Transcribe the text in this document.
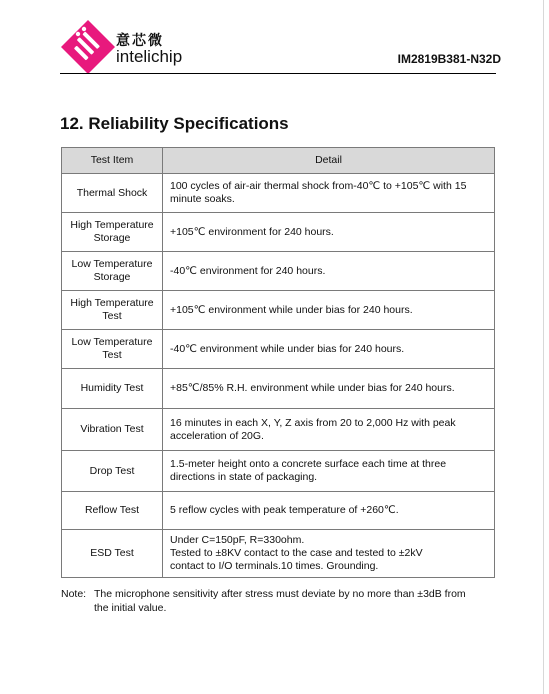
意芯微
intelichip	IM2819B381-N32D
12. Reliability Specifications
Test Item	Detail

Thermal Shock	100 cycles of air-air thermal shock from-40℃ to +105℃ with 15
minute soaks.

High Temperature
Storage	+105℃ environment for 240 hours.

Low Temperature
Storage	-40℃ environment for 240 hours.

High Temperature
Test	+105℃ environment while under bias for 240 hours.

Low Temperature
Test	-40℃ environment while under bias for 240 hours.

Humidity Test	+85℃/85% R.H. environment while under bias for 240 hours.

Vibration Test	16 minutes in each X, Y, Z axis from 20 to 2,000 Hz with peak
acceleration of 20G.

Drop Test	1.5-meter height onto a concrete surface each time at three
directions in state of packaging.

Reflow Test	5 reflow cycles with peak temperature of +260℃.

ESD Test	Under C=150pF, R=330ohm.
Tested to ±8KV contact to the case and tested to ±2kV
contact to I/O terminals.10 times. Grounding.
Note: The microphone sensitivity after stress must deviate by no more than ±3dB from
the initial value.
